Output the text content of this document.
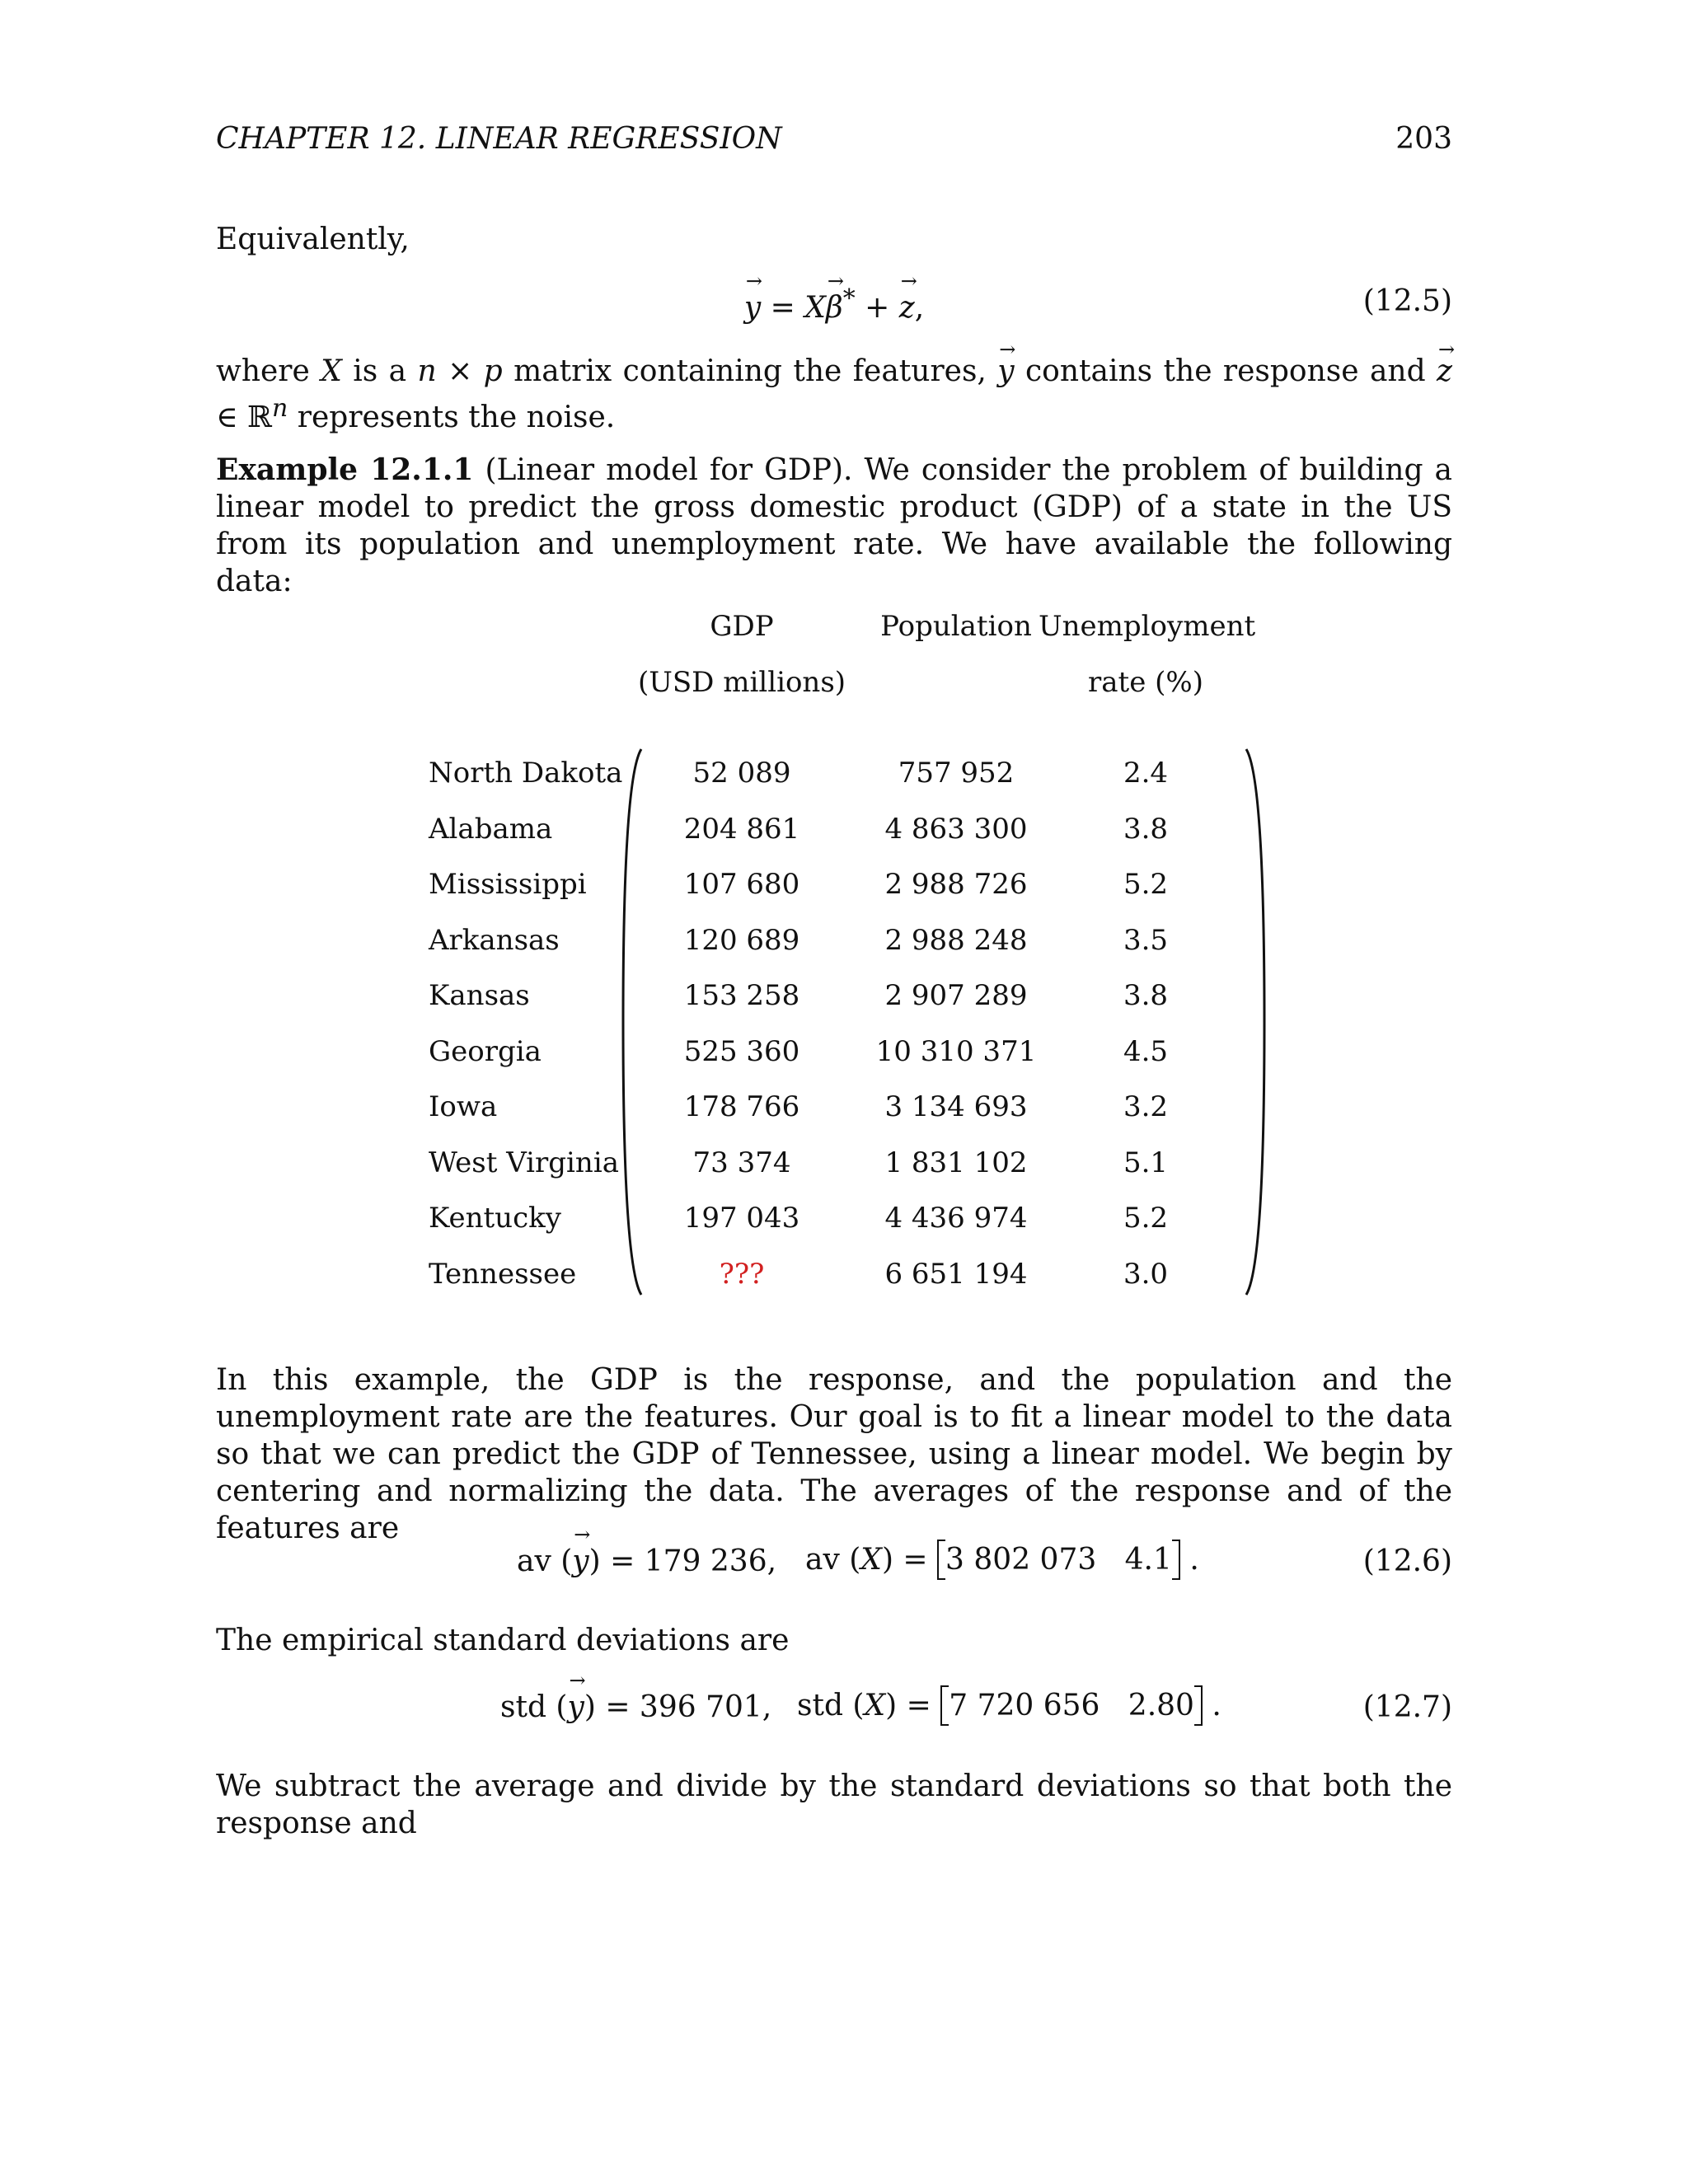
CHAPTER 12. LINEAR REGRESSION	203
Equivalently,
→ y = X→ β* + → z,	(12.5)
where X is a n × p matrix containing the features, → y contains the response and → z ∈ ℝ$^n$ represents the noise.
Example 12.1.1 (Linear model for GDP). We consider the problem of building a linear model to predict the gross domestic product (GDP) of a state in the US from its population and unemployment rate. We have available the following data:
GDP
(USD millions)
Population Unemployment
rate (%)
North Dakota	52 089	757 952	2.4
Alabama	204 861	4 863 300	3.8
Mississippi	107 680	2 988 726	5.2
Arkansas	120 689	2 988 248	3.5
Kansas	153 258	2 907 289	3.8
Georgia	525 360	10 310 371	4.5
Iowa	178 766	3 134 693	3.2
West Virginia	73 374	1 831 102	5.1
Kentucky	197 043	4 436 974	5.2
Tennessee	???	6 651 194	3.0
In this example, the GDP is the response, and the population and the unemployment rate are the features. Our goal is to fit a linear model to the data so that we can predict the GDP of Tennessee, using a linear model. We begin by centering and normalizing the data. The averages of the response and of the features are
av (→ y) = 179 236, av (X) = 3 802 073 4.1 .	(12.6)
The empirical standard deviations are
std (→ y) = 396 701, std (X) = 7 720 656 2.80 .	(12.7)
We subtract the average and divide by the standard deviations so that both the response and
